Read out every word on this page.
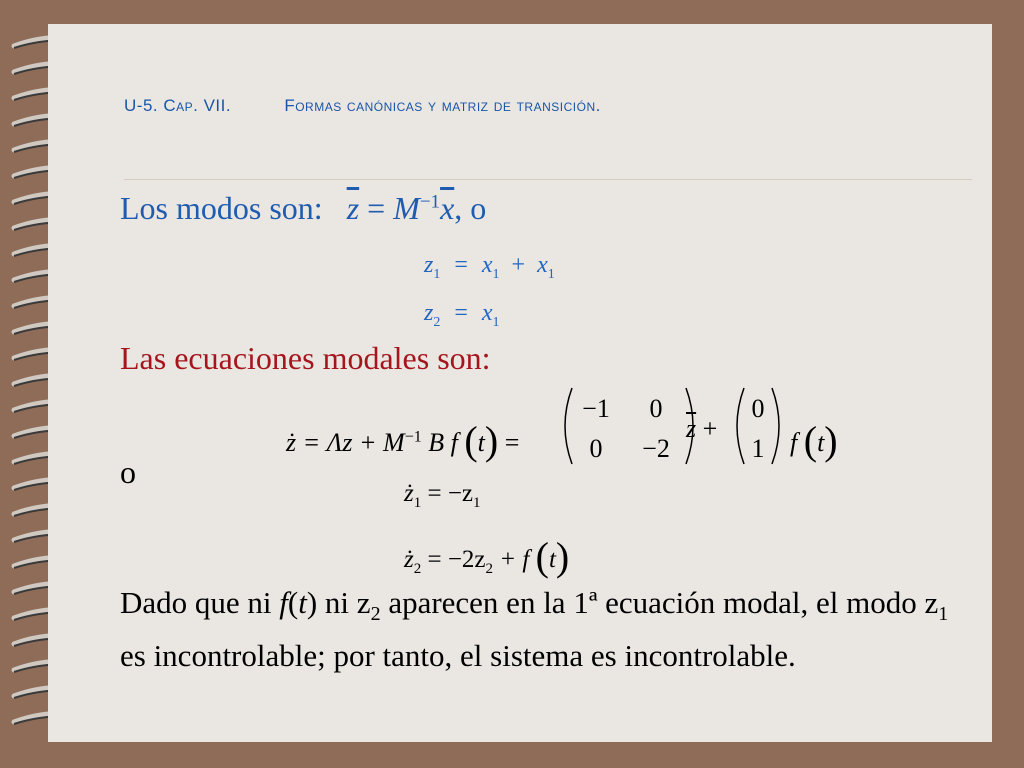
U-5. Cap. VII.	Formas canónicas y matriz de transición.
Los modos son: $\overline{z} = M^{-1}\overline{x}$, o
$z_1 = x_1 + x_1$
$z_2 = x_1$
Las ecuaciones modales son:
ż = $\Lambda z + M^{-1}$ B f (t) =
−1	0
0	−2
$\overline{z}$ +
0
1 f (t)
o
$ż_1 = -z_1$
$ż_2 = -2z_2 + f$ (t)
Dado que ni f(t) ni $z_2$ aparecen en la 1ª ecuación modal, el modo $z_1$ es incontrolable; por tanto, el sistema es incontrolable.
